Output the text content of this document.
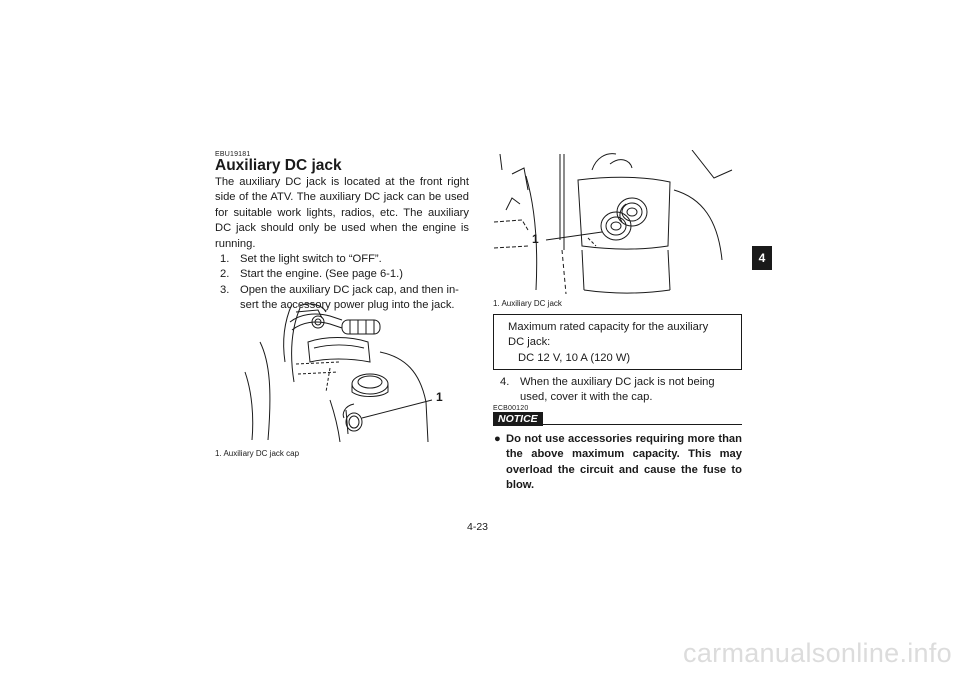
EBU19181
Auxiliary DC jack
The auxiliary DC jack is located at the front right side of the ATV. The auxiliary DC jack can be used for suitable work lights, radios, etc. The auxiliary DC jack should only be used when the engine is running.
1. Set the light switch to “OFF”.
2. Start the engine. (See page 6-1.)
3. Open the auxiliary DC jack cap, and then in-sert the accessory power plug into the jack.
1
1. Auxiliary DC jack cap
1
1. Auxiliary DC jack
Maximum rated capacity for the auxiliary DC jack:
DC 12 V, 10 A (120 W)
4. When the auxiliary DC jack is not being used, cover it with the cap.
ECB00120
NOTICE
● Do not use accessories requiring more than the above maximum capacity. This may overload the circuit and cause the fuse to blow.
4
4-23
carmanualsonline.info
